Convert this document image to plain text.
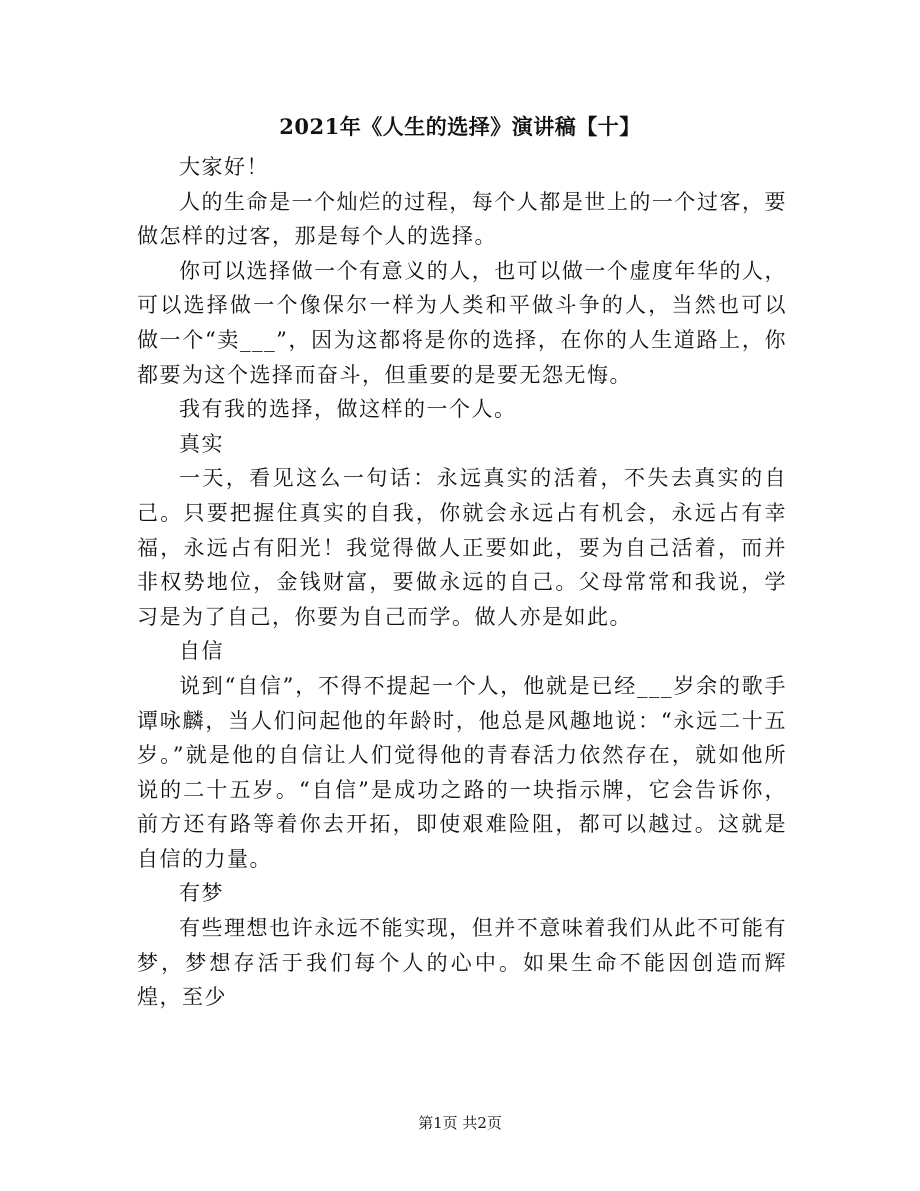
2021年《人生的选择》演讲稿【十】

大家好！

人的生命是一个灿烂的过程，每个人都是世上的一个过客，要做怎样的过客，那是每个人的选择。

你可以选择做一个有意义的人，也可以做一个虚度年华的人，可以选择做一个像保尔一样为人类和平做斗争的人，当然也可以做一个“卖___”，因为这都将是你的选择，在你的人生道路上，你都要为这个选择而奋斗，但重要的是要无怨无悔。

我有我的选择，做这样的一个人。

真实

一天，看见这么一句话：永远真实的活着，不失去真实的自己。只要把握住真实的自我，你就会永远占有机会，永远占有幸福，永远占有阳光！我觉得做人正要如此，要为自己活着，而并非权势地位，金钱财富，要做永远的自己。父母常常和我说，学习是为了自己，你要为自己而学。做人亦是如此。

自信

说到“自信”，不得不提起一个人，他就是已经___岁余的歌手谭咏麟，当人们问起他的年龄时，他总是风趣地说：“永远二十五岁。”就是他的自信让人们觉得他的青春活力依然存在，就如他所说的二十五岁。“自信”是成功之路的一块指示牌，它会告诉你，前方还有路等着你去开拓，即使艰难险阻，都可以越过。这就是自信的力量。

有梦

有些理想也许永远不能实现，但并不意味着我们从此不可能有梦，梦想存活于我们每个人的心中。如果生命不能因创造而辉煌，至少

第1页 共2页
